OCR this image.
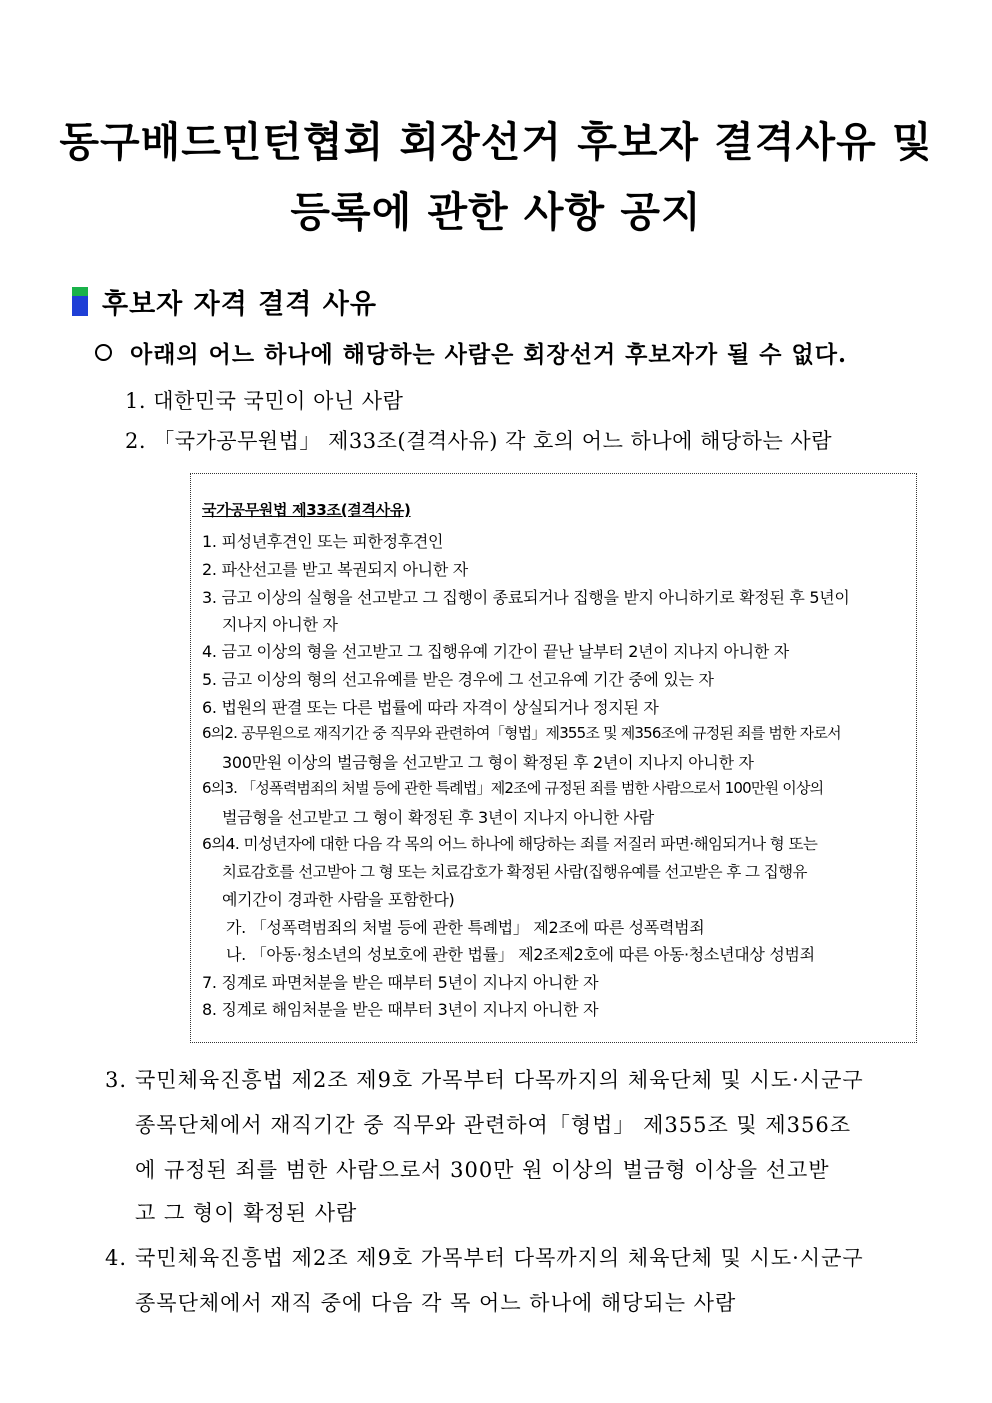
동구배드민턴협회 회장선거 후보자 결격사유 및
등록에 관한 사항 공지
후보자 자격 결격 사유
아래의 어느 하나에 해당하는 사람은 회장선거 후보자가 될 수 없다.
1. 대한민국 국민이 아닌 사람
2. 「국가공무원법」 제33조(결격사유) 각 호의 어느 하나에 해당하는 사람
국가공무원법 제33조(결격사유)
1. 피성년후견인 또는 피한정후견인
2. 파산선고를 받고 복권되지 아니한 자
3. 금고 이상의 실형을 선고받고 그 집행이 종료되거나 집행을 받지 아니하기로 확정된 후 5년이
지나지 아니한 자
4. 금고 이상의 형을 선고받고 그 집행유예 기간이 끝난 날부터 2년이 지나지 아니한 자
5. 금고 이상의 형의 선고유예를 받은 경우에 그 선고유예 기간 중에 있는 자
6. 법원의 판결 또는 다른 법률에 따라 자격이 상실되거나 정지된 자
6의2. 공무원으로 재직기간 중 직무와 관련하여「형법」제355조 및 제356조에 규정된 죄를 범한 자로서
300만원 이상의 벌금형을 선고받고 그 형이 확정된 후 2년이 지나지 아니한 자
6의3. 「성폭력범죄의 처벌 등에 관한 특례법」제2조에 규정된 죄를 범한 사람으로서 100만원 이상의
벌금형을 선고받고 그 형이 확정된 후 3년이 지나지 아니한 사람
6의4. 미성년자에 대한 다음 각 목의 어느 하나에 해당하는 죄를 저질러 파면·해임되거나 형 또는
치료감호를 선고받아 그 형 또는 치료감호가 확정된 사람(집행유예를 선고받은 후 그 집행유
예기간이 경과한 사람을 포함한다)
가. 「성폭력범죄의 처벌 등에 관한 특례법」 제2조에 따른 성폭력범죄
나. 「아동·청소년의 성보호에 관한 법률」 제2조제2호에 따른 아동·청소년대상 성범죄
7. 징계로 파면처분을 받은 때부터 5년이 지나지 아니한 자
8. 징계로 해임처분을 받은 때부터 3년이 지나지 아니한 자
3. 국민체육진흥법 제2조 제9호 가목부터 다목까지의 체육단체 및 시도·시군구
종목단체에서 재직기간 중 직무와 관련하여「형법」 제355조 및 제356조
에 규정된 죄를 범한 사람으로서 300만 원 이상의 벌금형 이상을 선고받
고 그 형이 확정된 사람
4. 국민체육진흥법 제2조 제9호 가목부터 다목까지의 체육단체 및 시도·시군구
종목단체에서 재직 중에 다음 각 목 어느 하나에 해당되는 사람
